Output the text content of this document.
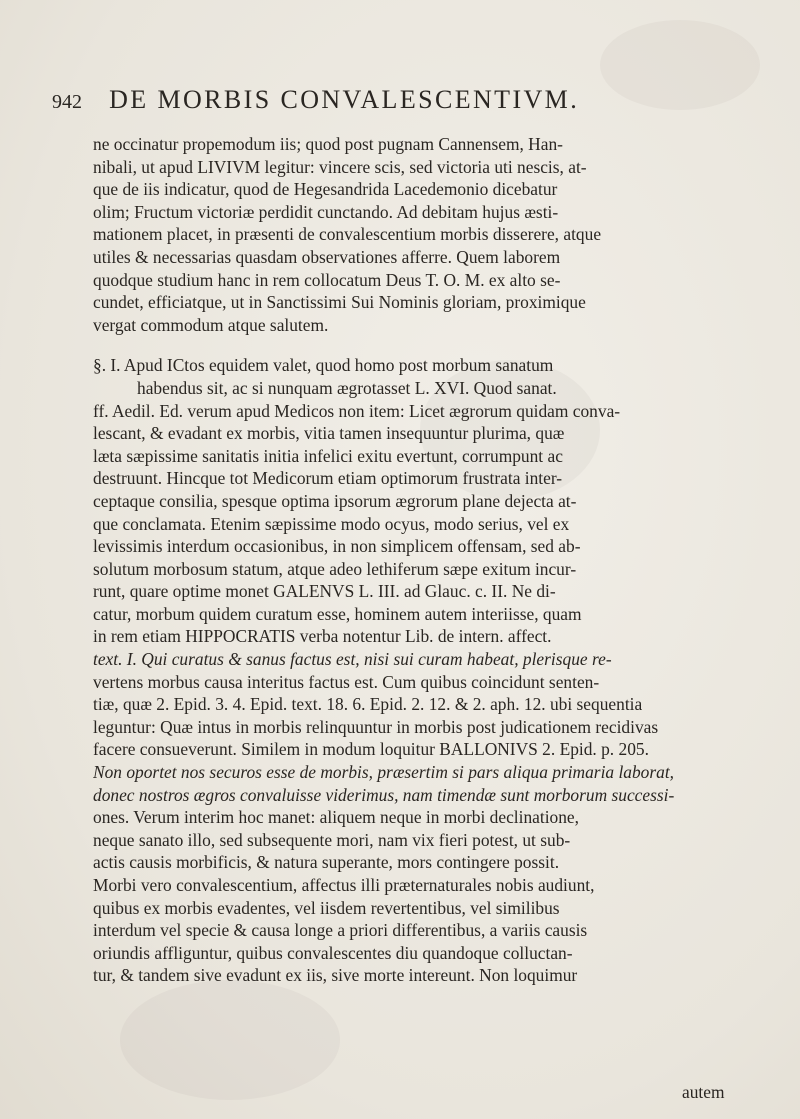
942 DE MORBIS CONVALESCENTIVM.
ne occinatur propemodum iis; quod post pugnam Cannensem, Han-
nibali, ut apud LIVIVM legitur: vincere scis, sed victoria uti nescis, at-
que de iis indicatur, quod de Hegesandrida Lacedemonio dicebatur
olim; Fructum victoriæ perdidit cunctando. Ad debitam hujus æsti-
mationem placet, in præsenti de convalescentium morbis disserere, atque
utiles & necessarias quasdam observationes afferre. Quem laborem
quodque studium hanc in rem collocatum Deus T. O. M. ex alto se-
cundet, efficiatque, ut in Sanctissimi Sui Nominis gloriam, proximique
vergat commodum atque salutem.
§. I. Apud ICtos equidem valet, quod homo post morbum sanatum
habendus sit, ac si nunquam ægrotasset L. XVI. Quod sanat.
ff. Aedil. Ed. verum apud Medicos non item: Licet ægrorum quidam conva-
lescant, & evadant ex morbis, vitia tamen insequuntur plurima, quæ
læta sæpissime sanitatis initia infelici exitu evertunt, corrumpunt ac
destruunt. Hincque tot Medicorum etiam optimorum frustrata inter-
ceptaque consilia, spesque optima ipsorum ægrorum plane dejecta at-
que conclamata. Etenim sæpissime modo ocyus, modo serius, vel ex
levissimis interdum occasionibus, in non simplicem offensam, sed ab-
solutum morbosum statum, atque adeo lethiferum sæpe exitum incur-
runt, quare optime monet GALENVS L. III. ad Glauc. c. II. Ne di-
catur, morbum quidem curatum esse, hominem autem interiisse, quam
in rem etiam HIPPOCRATIS verba notentur Lib. de intern. affect.
text. I. Qui curatus & sanus factus est, nisi sui curam habeat, plerisque re-
vertens morbus causa interitus factus est. Cum quibus coincidunt senten-
tiæ, quæ 2. Epid. 3. 4. Epid. text. 18. 6. Epid. 2. 12. & 2. aph. 12. ubi sequentia
leguntur: Quæ intus in morbis relinquuntur in morbis post judicationem recidivas
facere consueverunt. Similem in modum loquitur BALLONIVS 2. Epid. p. 205.
Non oportet nos securos esse de morbis, præsertim si pars aliqua primaria laborat,
donec nostros ægros convaluisse viderimus, nam timendæ sunt morborum successi-
ones. Verum interim hoc manet: aliquem neque in morbi declinatione,
neque sanato illo, sed subsequente mori, nam vix fieri potest, ut sub-
actis causis morbificis, & natura superante, mors contingere possit.
Morbi vero convalescentium, affectus illi præternaturales nobis audiunt,
quibus ex morbis evadentes, vel iisdem revertentibus, vel similibus
interdum vel specie & causa longe a priori differentibus, a variis causis
oriundis affliguntur, quibus convalescentes diu quandoque colluctan-
tur, & tandem sive evadunt ex iis, sive morte intereunt. Non loquimur
autem
